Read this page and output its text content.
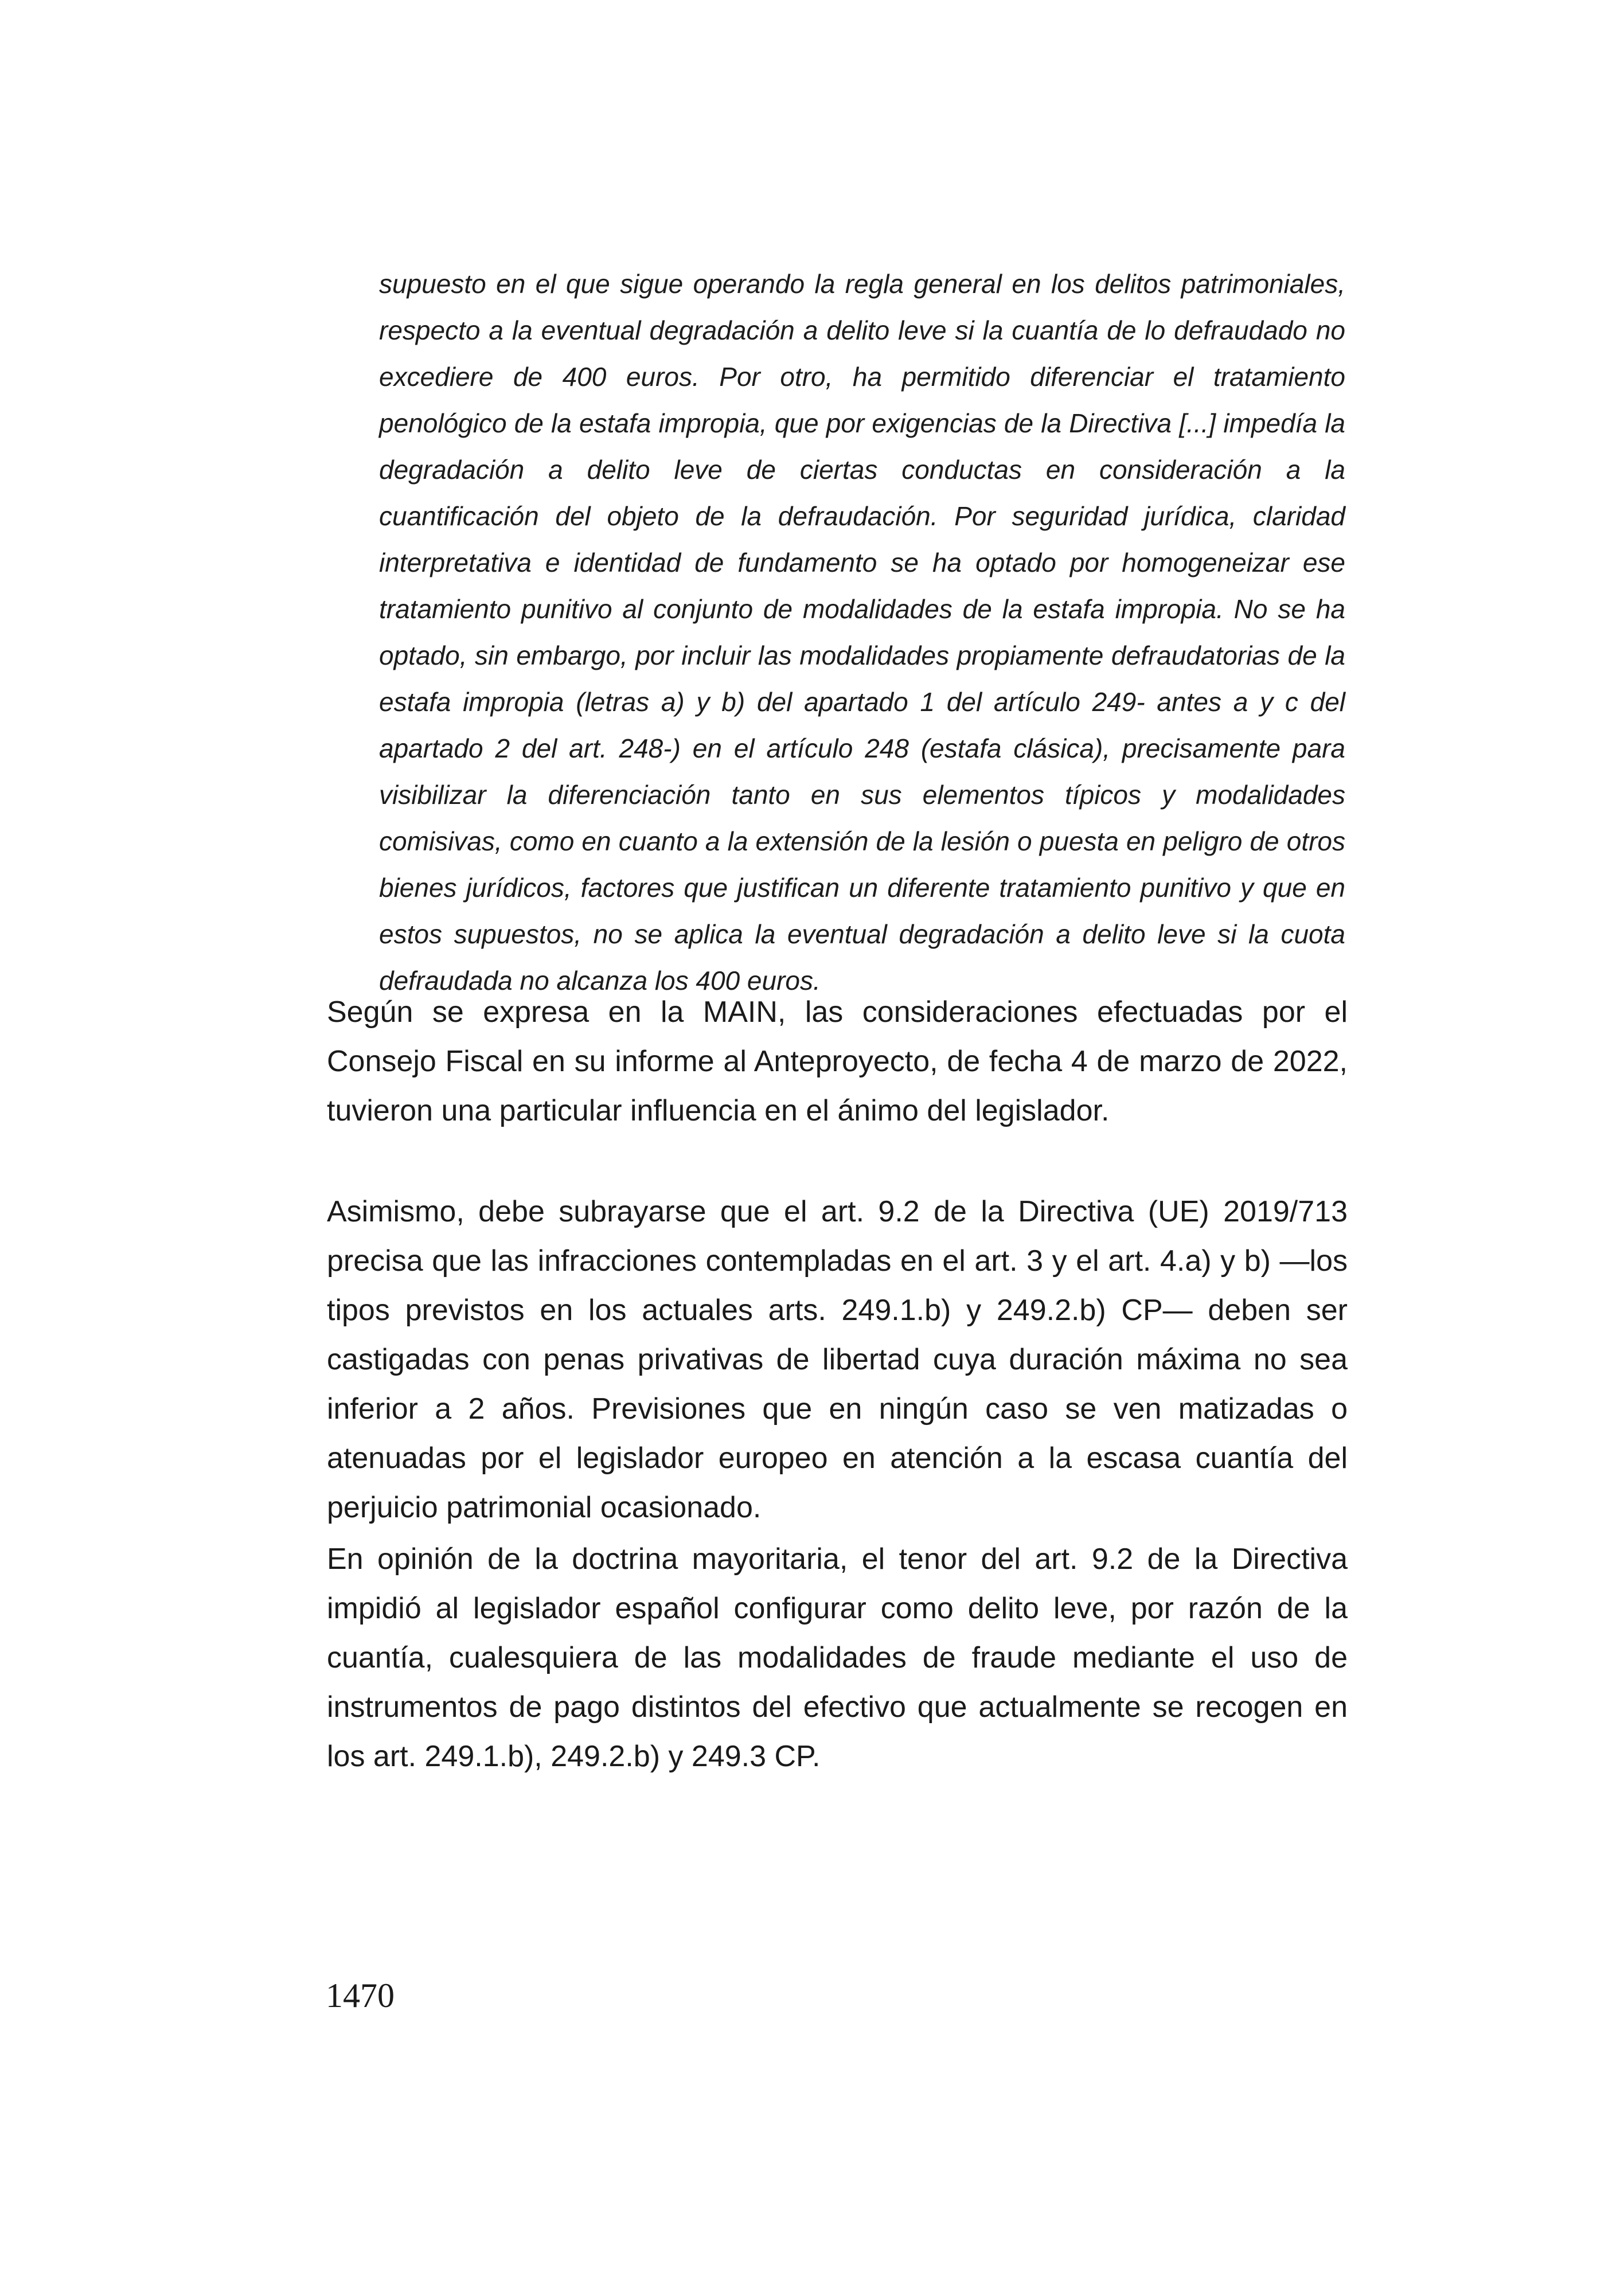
supuesto en el que sigue operando la regla general en los delitos patrimoniales, respecto a la eventual degradación a delito leve si la cuantía de lo defraudado no excediere de 400 euros. Por otro, ha permitido diferenciar el tratamiento penológico de la estafa impropia, que por exigencias de la Directiva [...] impedía la degradación a delito leve de ciertas conductas en consideración a la cuantificación del objeto de la defraudación. Por seguridad jurídica, claridad interpretativa e identidad de fundamento se ha optado por homogeneizar ese tratamiento punitivo al conjunto de modalidades de la estafa impropia. No se ha optado, sin embargo, por incluir las modalidades propiamente defraudatorias de la estafa impropia (letras a) y b) del apartado 1 del artículo 249- antes a y c del apartado 2 del art. 248-) en el artículo 248 (estafa clásica), precisamente para visibilizar la diferenciación tanto en sus elementos típicos y modalidades comisivas, como en cuanto a la extensión de la lesión o puesta en peligro de otros bienes jurídicos, factores que justifican un diferente tratamiento punitivo y que en estos supuestos, no se aplica la eventual degradación a delito leve si la cuota defraudada no alcanza los 400 euros.
Según se expresa en la MAIN, las consideraciones efectuadas por el Consejo Fiscal en su informe al Anteproyecto, de fecha 4 de marzo de 2022, tuvieron una particular influencia en el ánimo del legislador.
Asimismo, debe subrayarse que el art. 9.2 de la Directiva (UE) 2019/713 precisa que las infracciones contempladas en el art. 3 y el art. 4.a) y b) —los tipos previstos en los actuales arts. 249.1.b) y 249.2.b) CP— deben ser castigadas con penas privativas de libertad cuya duración máxima no sea inferior a 2 años. Previsiones que en ningún caso se ven matizadas o atenuadas por el legislador europeo en atención a la escasa cuantía del perjuicio patrimonial ocasionado.
En opinión de la doctrina mayoritaria, el tenor del art. 9.2 de la Directiva impidió al legislador español configurar como delito leve, por razón de la cuantía, cualesquiera de las modalidades de fraude mediante el uso de instrumentos de pago distintos del efectivo que actualmente se recogen en los art. 249.1.b), 249.2.b) y 249.3 CP.
1470
